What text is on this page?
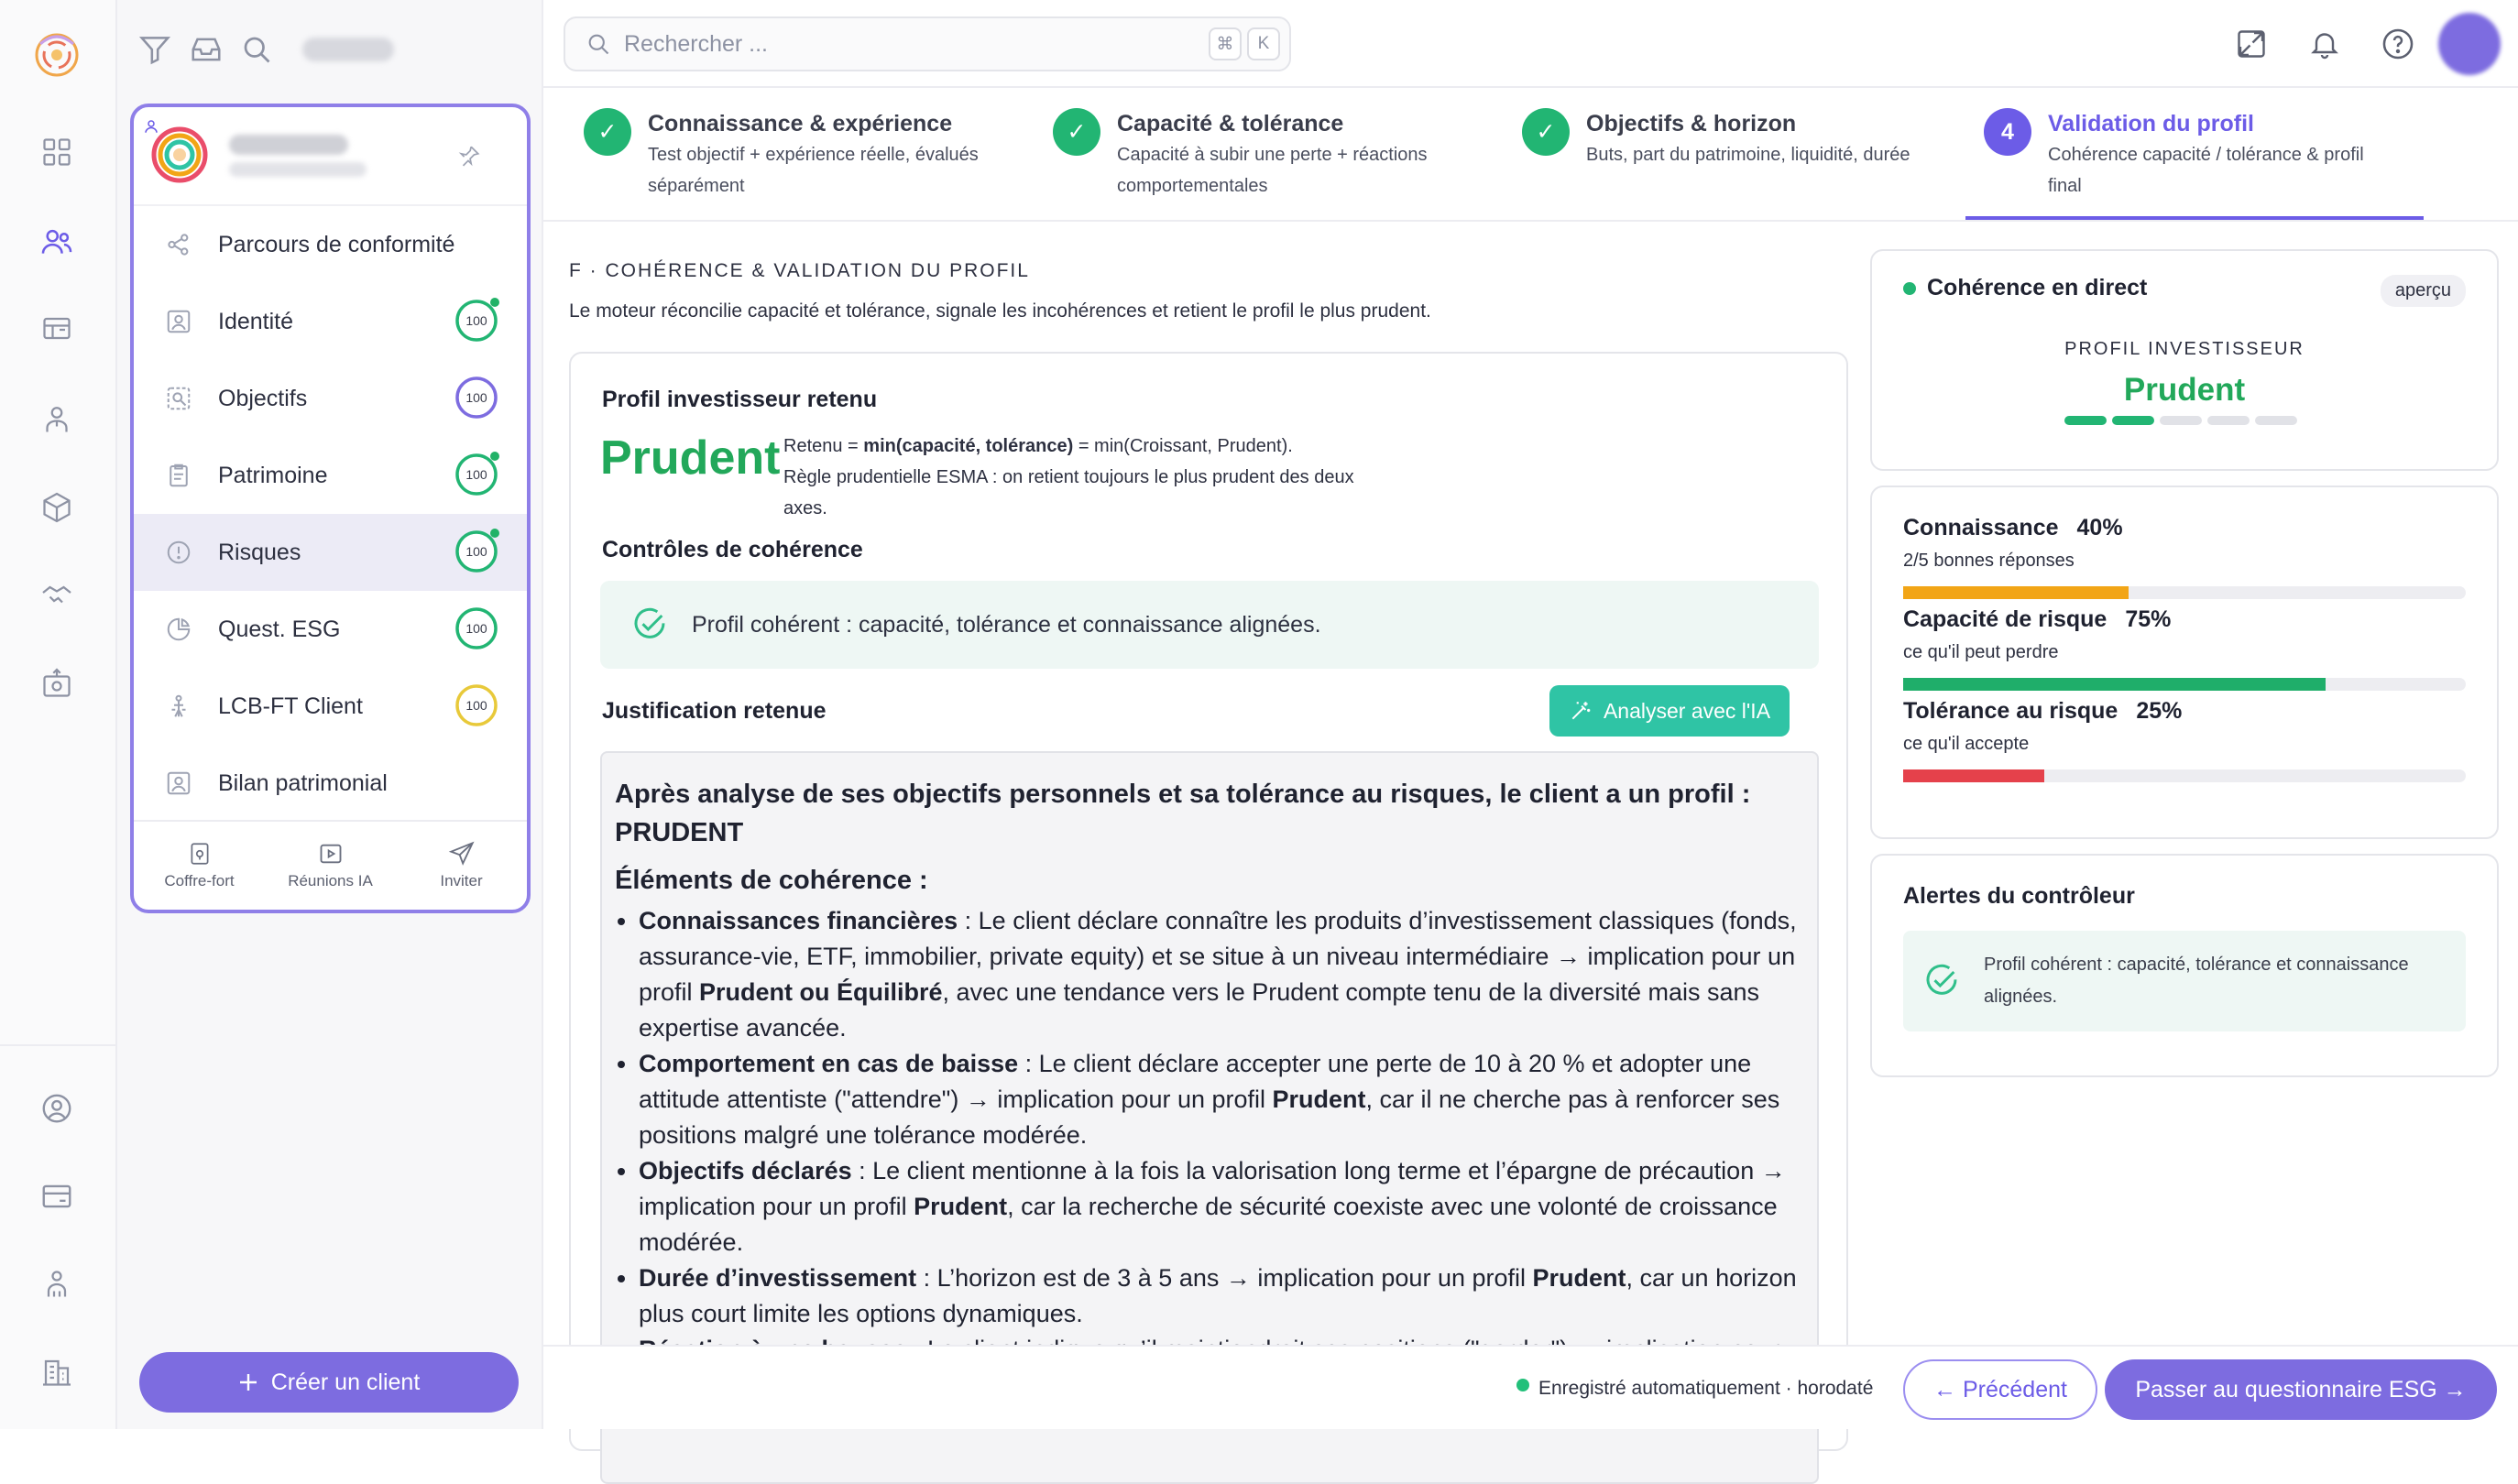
Parcours de conformité
Identité	100
Objectifs	100
Patrimoine	100
Risques	100
Quest. ESG	100
LCB-FT Client	100
Bilan patrimonial
Coffre-fort	Réunions IA	Inviter
Créer un client
Rechercher ...
⌘	K
✓	Connaissance & expérience
Test objectif + expérience réelle, évalués
séparément
✓	Capacité & tolérance
Capacité à subir une perte + réactions
comportementales
✓	Objectifs & horizon
Buts, part du patrimoine, liquidité, durée
4	Validation du profil
Cohérence capacité / tolérance & profil
final
F · COHÉRENCE & VALIDATION DU PROFIL
Le moteur réconcilie capacité et tolérance, signale les incohérences et retient le profil le plus prudent.
Profil investisseur retenu
Prudent Retenu = min(capacité, tolérance) = min(Croissant, Prudent).
Règle prudentielle ESMA : on retient toujours le plus prudent des deux axes.
Contrôles de cohérence
Profil cohérent : capacité, tolérance et connaissance alignées.
Justification retenue	Analyser avec l'IA
Après analyse de ses objectifs personnels et sa tolérance au risques, le client a un profil : PRUDENT
Éléments de cohérence :
• Connaissances financières : Le client déclare connaître les produits d’investissement classiques (fonds, assurance-vie, ETF, immobilier, private equity) et se situe à un niveau intermédiaire → implication pour un profil Prudent ou Équilibré, avec une tendance vers le Prudent compte tenu de la diversité mais sans expertise avancée.
• Comportement en cas de baisse : Le client déclare accepter une perte de 10 à 20 % et adopter une attitude attentiste ("attendre") → implication pour un profil Prudent, car il ne cherche pas à renforcer ses positions malgré une tolérance modérée.
• Objectifs déclarés : Le client mentionne à la fois la valorisation long terme et l’épargne de précaution → implication pour un profil Prudent, car la recherche de sécurité coexiste avec une volonté de croissance modérée.
• Durée d’investissement : L’horizon est de 3 à 5 ans → implication pour un profil Prudent, car un horizon plus court limite les options dynamiques.
•
Cohérence en direct	aperçu
PROFIL INVESTISSEUR
Prudent
Connaissance 40%
2/5 bonnes réponses
Capacité de risque 75%
ce qu'il peut perdre
Tolérance au risque 25%
ce qu'il accepte
Alertes du contrôleur
Profil cohérent : capacité, tolérance et connaissance alignées.
Enregistré automatiquement · horodaté	← Précédent	Passer au questionnaire ESG →
